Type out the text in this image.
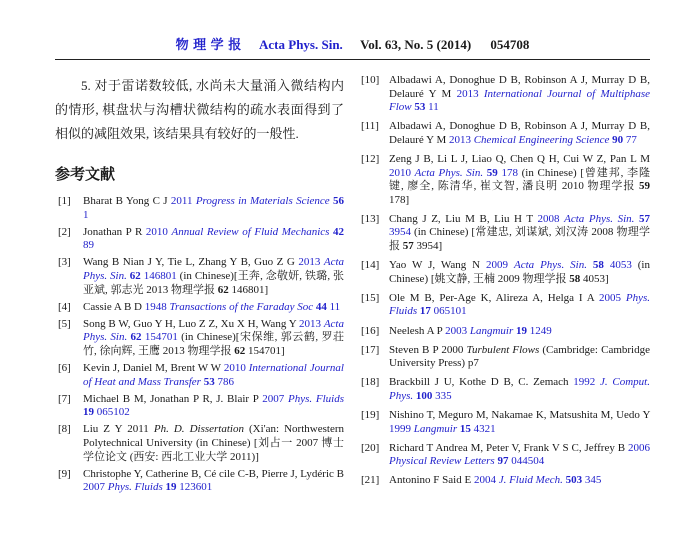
物理学报 Acta Phys. Sin. Vol. 63, No. 5 (2014) 054708

5. 对于雷诺数较低, 水尚未大量涌入微结构内的情形, 棋盘状与沟槽状微结构的疏水表面得到了相似的减阻效果, 该结果具有较好的一般性.

参考文献
[1] Bharat B Yong C J 2011 Progress in Materials Science 56 1
[2] Jonathan P R 2010 Annual Review of Fluid Mechanics 42 89
[3] Wang B Nian J Y, Tie L, Zhang Y B, Guo Z G 2013 Acta Phys. Sin. 62 146801 (in Chinese)[王奔, 念敬妍, 铁璐, 张亚斌, 郭志光 2013 物理学报 62 146801]
[4] Cassie A B D 1948 Transactions of the Faraday Soc 44 11
[5] Song B W, Guo Y H, Luo Z Z, Xu X H, Wang Y 2013 Acta Phys. Sin. 62 154701 (in Chinese)[宋保维, 郭云鹤, 罗荘竹, 徐向辉, 王鹰 2013 物理学报 62 154701]
[6] Kevin J, Daniel M, Brent W W 2010 International Journal of Heat and Mass Transfer 53 786
[7] Michael B M, Jonathan P R, J. Blair P 2007 Phys. Fluids 19 065102
[8] Liu Z Y 2011 Ph. D. Dissertation (Xi'an: Northwestern Polytechnical University (in Chinese) [刘占一 2007 博士学位论文 (西安: 西北工业大学 2011)]
[9] Christophe Y, Catherine B, Cé cile C-B, Pierre J, Lydéric B 2007 Phys. Fluids 19 123601
[10] Albadawi A, Donoghue D B, Robinson A J, Murray D B, Delauré Y M 2013 International Journal of Multiphase Flow 53 11
[11] Albadawi A, Donoghue D B, Robinson A J, Murray D B, Delauré Y M 2013 Chemical Engineering Science 90 77
[12] Zeng J B, Li L J, Liao Q, Chen Q H, Cui W Z, Pan L M 2010 Acta Phys. Sin. 59 178 (in Chinese) [曾建邦, 李隆键, 廖全, 陈清华, 崔文智, 潘良明 2010 物理学报 59 178]
[13] Chang J Z, Liu M B, Liu H T 2008 Acta Phys. Sin. 57 3954 (in Chinese) [常建忠, 刘谋斌, 刘汉涛 2008 物理学报 57 3954]
[14] Yao W J, Wang N 2009 Acta Phys. Sin. 58 4053 (in Chinese) [姚文静, 王楠 2009 物理学报 58 4053]
[15] Ole M B, Per-Age K, Alireza A, Helga I A 2005 Phys. Fluids 17 065101
[16] Neelesh A P 2003 Langmuir 19 1249
[17] Steven B P 2000 Turbulent Flows (Cambridge: Cambridge University Press) p7
[18] Brackbill J U, Kothe D B, C. Zemach 1992 J. Comput. Phys. 100 335
[19] Nishino T, Meguro M, Nakamae K, Matsushita M, Uedo Y 1999 Langmuir 15 4321
[20] Richard T Andrea M, Peter V, Frank V S C, Jeffrey B 2006 Physical Review Letters 97 044504
[21] Antonino F Said E 2004 J. Fluid Mech. 503 345
